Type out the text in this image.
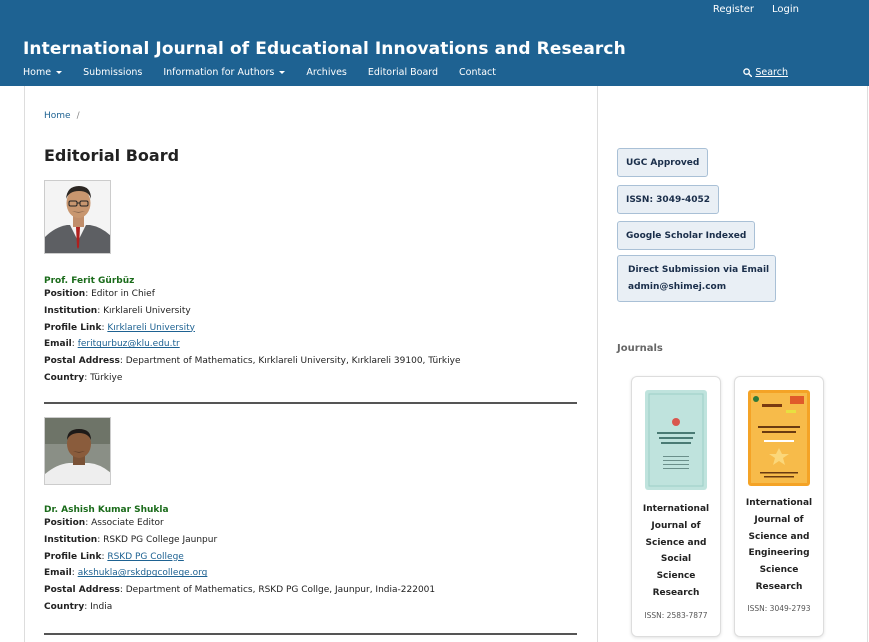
Register Login
International Journal of Educational Innovations and Research
Home	Submissions Information for Authors	Archives Editorial Board Contact	Search
Home /
Editorial Board
Prof. Ferit Gürbüz
Position: Editor in Chief
Institution: Kırklareli University
Profile Link: Kırklareli University
Email: feritgurbuz@klu.edu.tr
Postal Address: Department of Mathematics, Kırklareli University, Kırklareli 39100, Türkiye
Country: Türkiye
Dr. Ashish Kumar Shukla
Position: Associate Editor
Institution: RSKD PG College Jaunpur
Profile Link: RSKD PG College
Email: akshukla@rskdpgcollege.org
Postal Address: Department of Mathematics, RSKD PG Collge, Jaunpur, India-222001
Country: India
UGC Approved
ISSN: 3049-4052
Google Scholar Indexed
Direct Submission via Email
admin@shimej.com
Journals
International
Journal of
Science and
Social
Science
Research
ISSN: 2583-7877
International
Journal of
Science and
Engineering
Science
Research
ISSN: 3049-2793
